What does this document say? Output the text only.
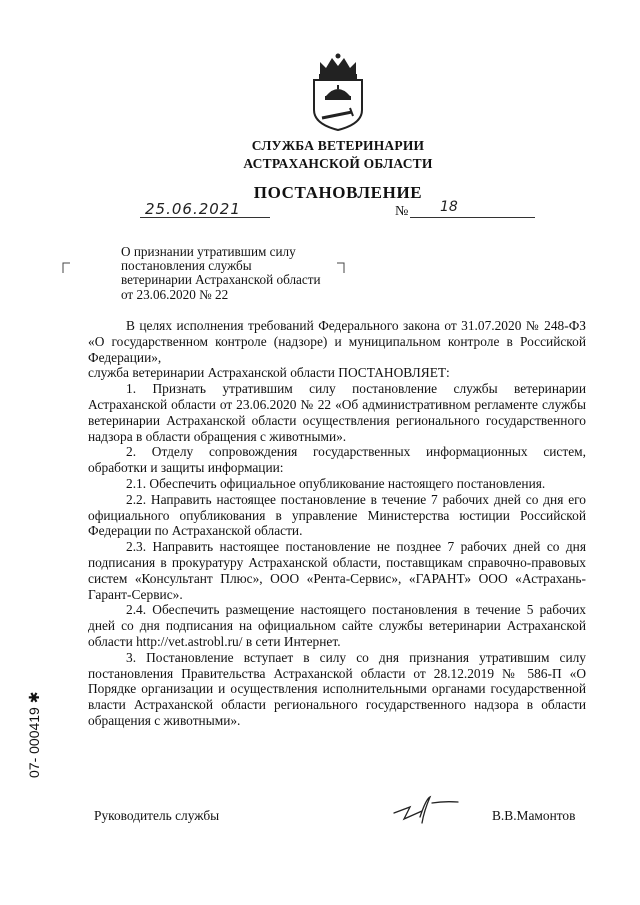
СЛУЖБА ВЕТЕРИНАРИИ
АСТРАХАНСКОЙ ОБЛАСТИ
ПОСТАНОВЛЕНИЕ
25.06.2021	№ 18
О признании утратившим силу постановления службы ветеринарии Астраханской области от 23.06.2020 № 22

В целях исполнения требований Федерального закона от 31.07.2020 № 248-ФЗ «О государственном контроле (надзоре) и муниципальном контроле в Российской Федерации»,

служба ветеринарии Астраханской области ПОСТАНОВЛЯЕТ:

1. Признать утратившим силу постановление службы ветеринарии Астраханской области от 23.06.2020 № 22 «Об административном регламенте службы ветеринарии Астраханской области осуществления регионального государственного надзора в области обращения с животными».

2. Отделу сопровождения государственных информационных систем, обработки и защиты информации:

2.1. Обеспечить официальное опубликование настоящего постановления.

2.2. Направить настоящее постановление в течение 7 рабочих дней со дня его официального опубликования в управление Министерства юстиции Российской Федерации по Астраханской области.

2.3. Направить настоящее постановление не позднее 7 рабочих дней со дня подписания в прокуратуру Астраханской области, поставщикам справочно-правовых систем «Консультант Плюс», ООО «Рента-Сервис», «ГАРАНТ» ООО «Астрахань-Гарант-Сервис».

2.4. Обеспечить размещение настоящего постановления в течение 5 рабочих дней со дня подписания на официальном сайте службы ветеринарии Астраханской области http://vet.astrobl.ru/ в сети Интернет.

3. Постановление вступает в силу со дня признания утратившим силу постановления Правительства Астраханской области от 28.12.2019 № 586-П «О Порядке организации и осуществления исполнительными органами государственной власти Астраханской области регионального государственного надзора в области обращения с животными».

Руководитель службы	В.В.Мамонтов
07- 000419 ✱
